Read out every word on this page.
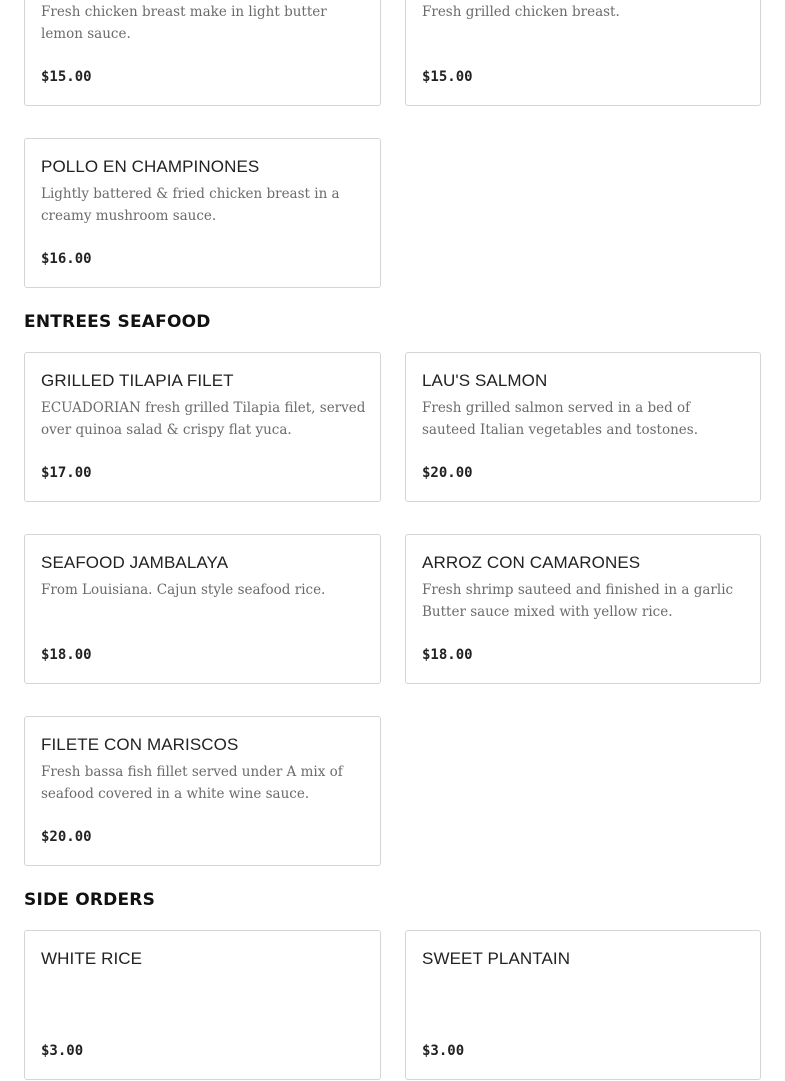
Fresh chicken breast make in light butter lemon sauce.
$15.00
Fresh grilled chicken breast.
$15.00
POLLO EN CHAMPINONES
Lightly battered & fried chicken breast in a creamy mushroom sauce.
$16.00
ENTREES SEAFOOD
GRILLED TILAPIA FILET
ECUADORIAN fresh grilled Tilapia filet, served over quinoa salad & crispy flat yuca.
$17.00
LAU'S SALMON
Fresh grilled salmon served in a bed of sauteed Italian vegetables and tostones.
$20.00
SEAFOOD JAMBALAYA
From Louisiana. Cajun style seafood rice.
$18.00
ARROZ CON CAMARONES
Fresh shrimp sauteed and finished in a garlic Butter sauce mixed with yellow rice.
$18.00
FILETE CON MARISCOS
Fresh bassa fish fillet served under A mix of seafood covered in a white wine sauce.
$20.00
SIDE ORDERS
WHITE RICE
$3.00
SWEET PLANTAIN
$3.00
